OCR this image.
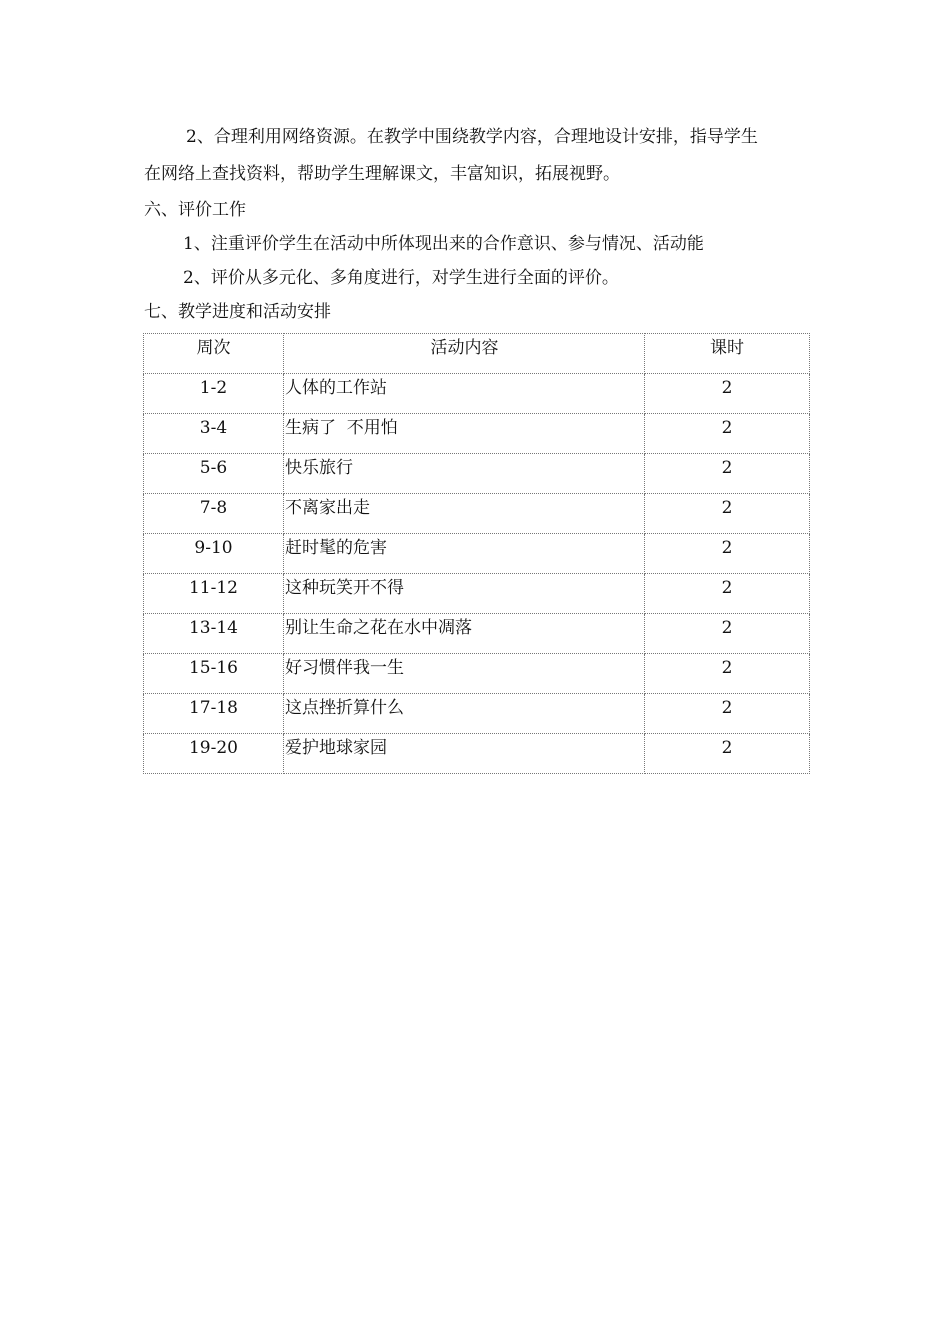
2、合理利用网络资源。在教学中围绕教学内容，合理地设计安排，指导学生
在网络上查找资料，帮助学生理解课文，丰富知识，拓展视野。
六、评价工作
1、注重评价学生在活动中所体现出来的合作意识、参与情况、活动能
2、评价从多元化、多角度进行，对学生进行全面的评价。
七、教学进度和活动安排
周次	活动内容	课时
1-2	人体的工作站	2
3-4	生病了  不用怕	2
5-6	快乐旅行	2
7-8	不离家出走	2
9-10	赶时髦的危害	2
11-12	这种玩笑开不得	2
13-14	别让生命之花在水中凋落	2
15-16	好习惯伴我一生	2
17-18	这点挫折算什么	2
19-20	爱护地球家园	2
